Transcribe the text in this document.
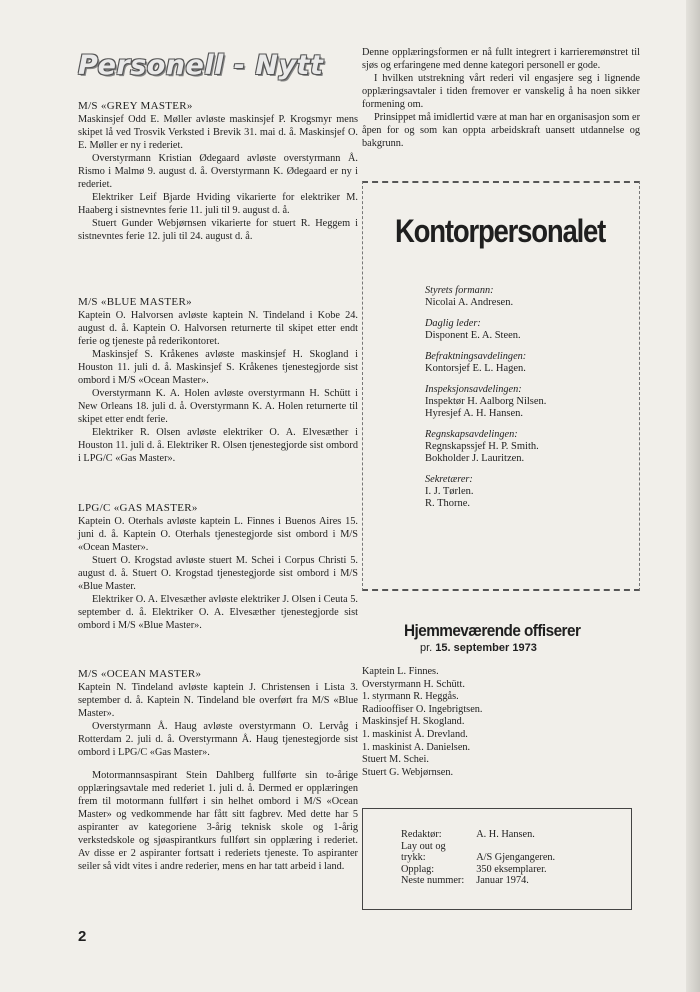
Personell - Nytt
M/S «GREY MASTER»

Maskinsjef Odd E. Møller avløste maskinsjef P. Krogsmyr mens skipet lå ved Trosvik Verksted i Brevik 31. mai d. å. Maskinsjef O. E. Møller er ny i rederiet.

Overstyrmann Kristian Ødegaard avløste overstyrmann Å. Rismo i Malmø 9. august d. å. Overstyrmann K. Ødegaard er ny i rederiet.

Elektriker Leif Bjarde Hviding vikarierte for elektriker M. Haaberg i sistnevntes ferie 11. juli til 9. august d. å.

Stuert Gunder Webjørnsen vikarierte for stuert R. Heggem i sistnevntes ferie 12. juli til 24. august d. å.

M/S «BLUE MASTER»

Kaptein O. Halvorsen avløste kaptein N. Tindeland i Kobe 24. august d. å. Kaptein O. Halvorsen returnerte til skipet etter endt ferie og tjeneste på rederikontoret.

Maskinsjef S. Kråkenes avløste maskinsjef H. Skogland i Houston 11. juli d. å. Maskinsjef S. Kråkenes tjenestegjorde sist ombord i M/S «Ocean Master».

Overstyrmann K. A. Holen avløste overstyrmann H. Schütt i New Orleans 18. juli d. å. Overstyrmann K. A. Holen returnerte til skipet etter endt ferie.

Elektriker R. Olsen avløste elektriker O. A. Elvesæther i Houston 11. juli d. å. Elektriker R. Olsen tjenestegjorde sist ombord i LPG/C «Gas Master».

LPG/C «GAS MASTER»

Kaptein O. Oterhals avløste kaptein L. Finnes i Buenos Aires 15. juni d. å. Kaptein O. Oterhals tjenestegjorde sist ombord i M/S «Ocean Master».

Stuert O. Krogstad avløste stuert M. Schei i Corpus Christi 5. august d. å. Stuert O. Krogstad tjenestegjorde sist ombord i M/S «Blue Master.

Elektriker O. A. Elvesæther avløste elektriker J. Olsen i Ceuta 5. september d. å. Elektriker O. A. Elvesæther tjenestegjorde sist ombord i M/S «Blue Master».

M/S «OCEAN MASTER»

Kaptein N. Tindeland avløste kaptein J. Christensen i Lista 3. september d. å. Kaptein N. Tindeland ble overført fra M/S «Blue Master».

Overstyrmann Å. Haug avløste overstyrmann O. Lervåg i Rotterdam 2. juli d. å. Overstyrmann Å. Haug tjenestegjorde sist ombord i LPG/C «Gas Master».

Motormannsaspirant Stein Dahlberg fullførte sin to-årige opplæringsavtale med rederiet 1. juli d. å. Dermed er opplæringen frem til motormann fullført i sin helhet ombord i M/S «Ocean Master» og vedkommende har fått sitt fagbrev. Med dette har 5 aspiranter av kategoriene 3-årig teknisk skole og 1-årig verkstedskole og sjøaspirantkurs fullført sin opplæring i rederiet. Av disse er 2 aspiranter fortsatt i rederiets tjeneste. To aspiranter seiler så vidt vites i andre rederier, mens en har tatt arbeid i land.

Denne opplæringsformen er nå fullt integrert i karrieremønstret til sjøs og erfaringene med denne kategori personell er gode.

I hvilken utstrekning vårt rederi vil engasjere seg i lignende opplæringsavtaler i tiden fremover er vanskelig å ha noen sikker formening om.

Prinsippet må imidlertid være at man har en organisasjon som er åpen for og som kan oppta arbeidskraft uansett utdannelse og bakgrunn.

Kontorpersonalet
Styrets formann:
Nicolai A. Andresen.
Daglig leder:
Disponent E. A. Steen.
Befraktningsavdelingen:
Kontorsjef E. L. Hagen.
Inspeksjonsavdelingen:
Inspektør H. Aalborg Nilsen.
Hyresjef A. H. Hansen.
Regnskapsavdelingen:
Regnskapssjef H. P. Smith.
Bokholder J. Lauritzen.
Sekretærer:
I. J. Tørlen.
R. Thorne.
Hjemmeværende offiserer
pr. 15. september 1973
Kaptein L. Finnes.
Overstyrmann H. Schütt.
1. styrmann R. Heggås.
Radiooffiser O. Ingebrigtsen.
Maskinsjef H. Skogland.
1. maskinist Å. Drevland.
1. maskinist A. Danielsen.
Stuert M. Schei.
Stuert G. Webjørnsen.
Redaktør:	A. H. Hansen.
Lay out og	
trykk:	A/S Gjengangeren.
Opplag:	350 eksemplarer.
Neste nummer:	Januar 1974.
2
